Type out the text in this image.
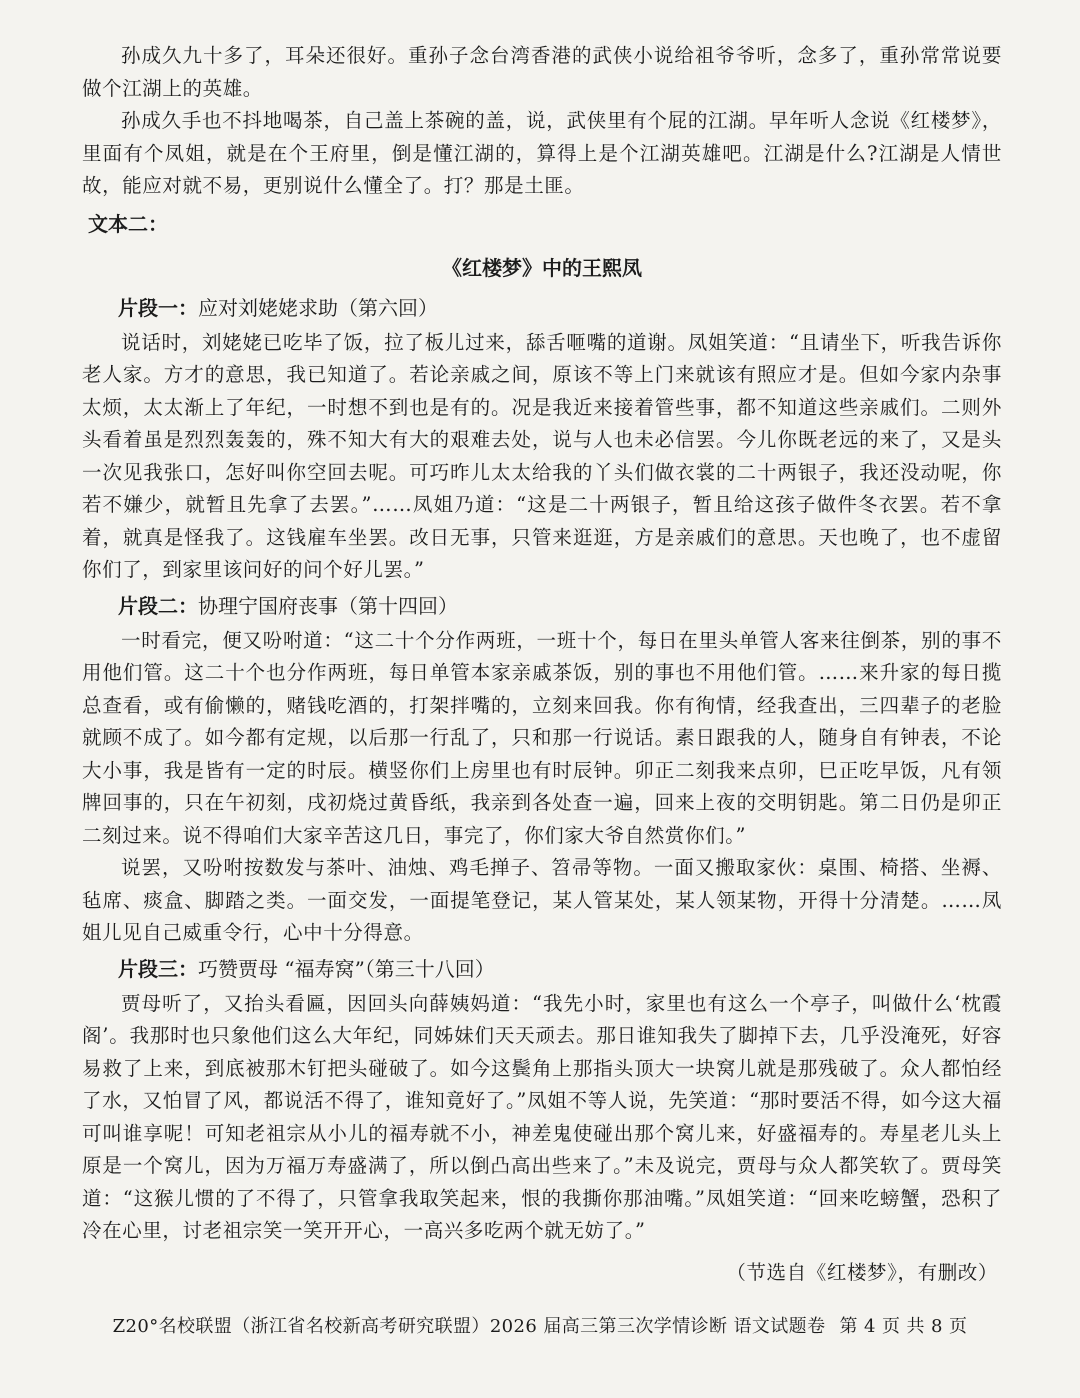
孙成久九十多了，耳朵还很好。重孙子念台湾香港的武侠小说给祖爷爷听，念多了，重孙常常说要做个江湖上的英雄。

孙成久手也不抖地喝茶，自己盖上茶碗的盖，说，武侠里有个屁的江湖。早年听人念说《红楼梦》，里面有个凤姐，就是在个王府里，倒是懂江湖的，算得上是个江湖英雄吧。江湖是什么?江湖是人情世故，能应对就不易，更别说什么懂全了。打？那是土匪。

文本二：

《红楼梦》中的王熙凤

片段一：应对刘姥姥求助（第六回）

说话时，刘姥姥已吃毕了饭，拉了板儿过来，舔舌咂嘴的道谢。凤姐笑道：“且请坐下，听我告诉你老人家。方才的意思，我已知道了。若论亲戚之间，原该不等上门来就该有照应才是。但如今家内杂事太烦，太太渐上了年纪，一时想不到也是有的。况是我近来接着管些事，都不知道这些亲戚们。二则外头看着虽是烈烈轰轰的，殊不知大有大的艰难去处，说与人也未必信罢。今儿你既老远的来了，又是头一次见我张口，怎好叫你空回去呢。可巧昨儿太太给我的丫头们做衣裳的二十两银子，我还没动呢，你若不嫌少，就暂且先拿了去罢。”……凤姐乃道：“这是二十两银子，暂且给这孩子做件冬衣罢。若不拿着，就真是怪我了。这钱雇车坐罢。改日无事，只管来逛逛，方是亲戚们的意思。天也晚了，也不虚留你们了，到家里该问好的问个好儿罢。”

片段二：协理宁国府丧事（第十四回）

一时看完，便又吩咐道：“这二十个分作两班，一班十个，每日在里头单管人客来往倒茶，别的事不用他们管。这二十个也分作两班，每日单管本家亲戚茶饭，别的事也不用他们管。……来升家的每日揽总查看，或有偷懒的，赌钱吃酒的，打架拌嘴的，立刻来回我。你有徇情，经我查出，三四辈子的老脸就顾不成了。如今都有定规，以后那一行乱了，只和那一行说话。素日跟我的人，随身自有钟表，不论大小事，我是皆有一定的时辰。横竖你们上房里也有时辰钟。卯正二刻我来点卯，巳正吃早饭，凡有领牌回事的，只在午初刻，戌初烧过黄昏纸，我亲到各处查一遍，回来上夜的交明钥匙。第二日仍是卯正二刻过来。说不得咱们大家辛苦这几日，事完了，你们家大爷自然赏你们。”

说罢，又吩咐按数发与茶叶、油烛、鸡毛掸子、笤帚等物。一面又搬取家伙：桌围、椅搭、坐褥、毡席、痰盒、脚踏之类。一面交发，一面提笔登记，某人管某处，某人领某物，开得十分清楚。……凤姐儿见自己威重令行，心中十分得意。

片段三：巧赞贾母 “福寿窝”（第三十八回）

贾母听了，又抬头看匾，因回头向薛姨妈道：“我先小时，家里也有这么一个亭子，叫做什么‘枕霞阁’。我那时也只象他们这么大年纪，同姊妹们天天顽去。那日谁知我失了脚掉下去，几乎没淹死，好容易救了上来，到底被那木钉把头碰破了。如今这鬓角上那指头顶大一块窝儿就是那残破了。众人都怕经了水，又怕冒了风，都说活不得了，谁知竟好了。”凤姐不等人说，先笑道：“那时要活不得，如今这大福可叫谁享呢！可知老祖宗从小儿的福寿就不小，神差鬼使碰出那个窝儿来，好盛福寿的。寿星老儿头上原是一个窝儿，因为万福万寿盛满了，所以倒凸高出些来了。”未及说完，贾母与众人都笑软了。贾母笑道：“这猴儿惯的了不得了，只管拿我取笑起来，恨的我撕你那油嘴。”凤姐笑道：“回来吃螃蟹，恐积了冷在心里，讨老祖宗笑一笑开开心，一高兴多吃两个就无妨了。”

（节选自《红楼梦》，有删改）

Z20°名校联盟（浙江省名校新高考研究联盟）2026 届高三第三次学情诊断 语文试题卷 第 4 页 共 8 页
